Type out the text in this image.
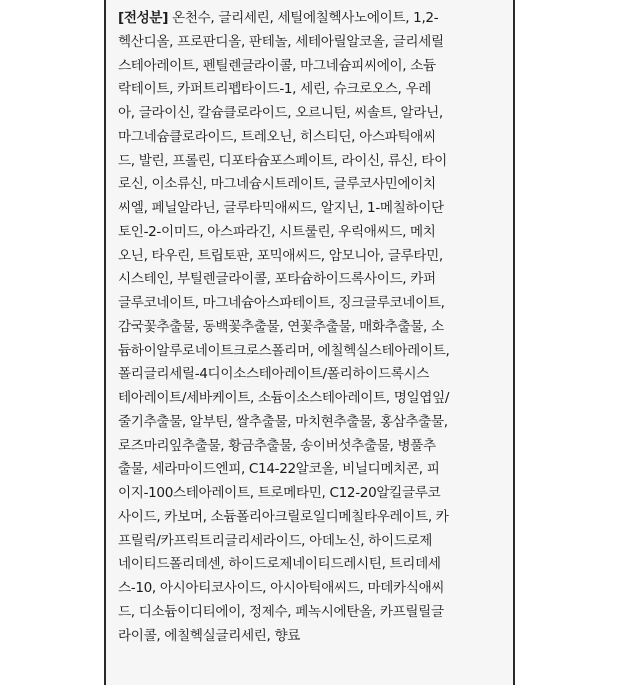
[전성분] 온천수, 글리세린, 세틸에칠헥사노에이트, 1,2-
헥산디올, 프로판디올, 판테놀, 세테아릴알코올, 글리세릴
스테아레이트, 펜틸렌글라이콜, 마그네슘피씨에이, 소듐
락테이트, 카퍼트리펩타이드-1, 세린, 슈크로오스, 우레
아, 글라이신, 칼슘클로라이드, 오르니틴, 씨솔트, 알라닌,
마그네슘클로라이드, 트레오닌, 히스티딘, 아스파틱애씨
드, 발린, 프롤린, 디포타슘포스페이트, 라이신, 류신, 타이
로신, 이소류신, 마그네슘시트레이트, 글루코사민에이치
씨엘, 페닐알라닌, 글루타믹애씨드, 알지닌, 1-메칠하이단
토인-2-이미드, 아스파라긴, 시트룰린, 우릭애씨드, 메치
오닌, 타우린, 트립토판, 포믹애씨드, 암모니아, 글루타민,
시스테인, 부틸렌글라이콜, 포타슘하이드록사이드, 카퍼
글루코네이트, 마그네슘아스파테이트, 징크글루코네이트,
감국꽃추출물, 동백꽃추출물, 연꽃추출물, 매화추출물, 소
듐하이알루로네이트크로스폴리머, 에칠헥실스테아레이트,
폴리글리세릴-4디이소스테아레이트/폴리하이드록시스
테아레이트/세바케이트, 소듐이소스테아레이트, 명일엽잎/
줄기추출물, 알부틴, 쌀추출물, 마치현추출물, 홍삼추출물,
로즈마리잎추출물, 황금추출물, 송이버섯추출물, 병풀추
출물, 세라마이드엔피, C14-22알코올, 비닐디메치콘, 피
이지-100스테아레이트, 트로메타민, C12-20알킬글루코
사이드, 카보머, 소듐폴리아크릴로일디메칠타우레이트, 카
프릴릭/카프릭트리글리세라이드, 아데노신, 하이드로제
네이티드폴리데센, 하이드로제네이티드레시틴, 트리데세
스-10, 아시아티코사이드, 아시아틱애씨드, 마데카식애씨
드, 디소듐이디티에이, 정제수, 페녹시에탄올, 카프릴릴글
라이콜, 에칠헥실글리세린, 향료
